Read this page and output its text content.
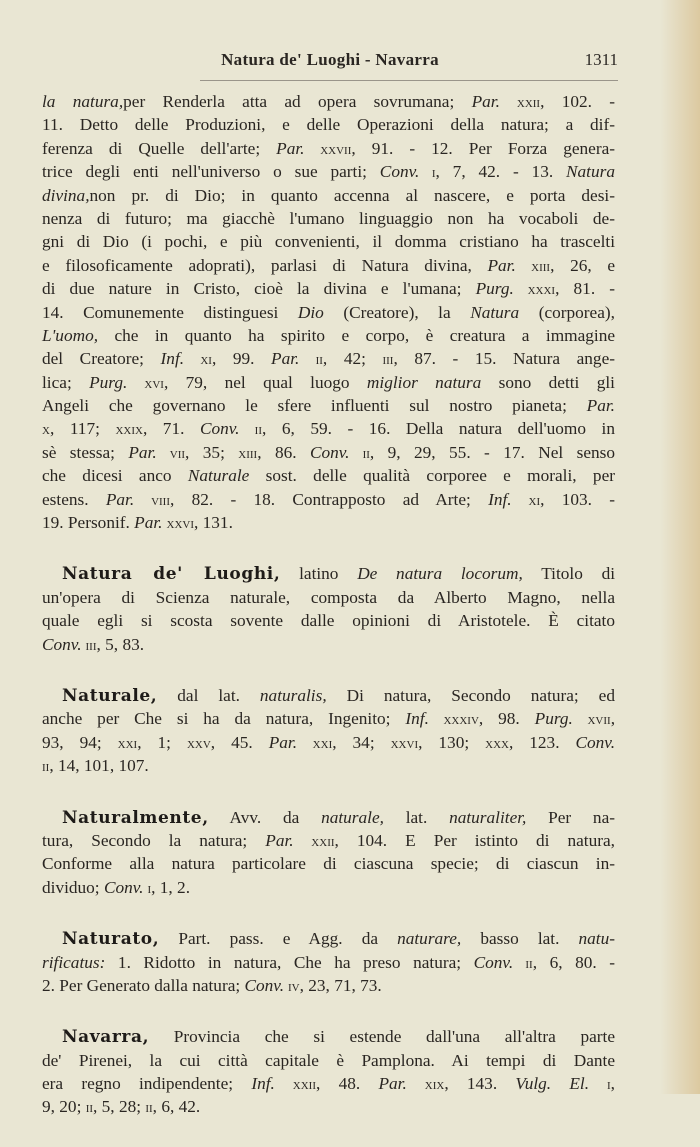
Natura de' Luoghi - Navarra	1311
la natura,per Renderla atta ad opera sovrumana; Par. xxii, 102. -
11. Detto delle Produzioni, e delle Operazioni della natura; a dif-
ferenza di Quelle dell'arte; Par. xxvii, 91. - 12. Per Forza genera-
trice degli enti nell'universo o sue parti; Conv. i, 7, 42. - 13. Natura
divina,non pr. di Dio; in quanto accenna al nascere, e porta desi-
nenza di futuro; ma giacchè l'umano linguaggio non ha vocaboli de-
gni di Dio (i pochi, e più convenienti, il domma cristiano ha trascelti
e filosoficamente adoprati), parlasi di Natura divina, Par. xiii, 26, e
di due nature in Cristo, cioè la divina e l'umana; Purg. xxxi, 81. -
14. Comunemente distinguesi Dio (Creatore), la Natura (corporea),
L'uomo, che in quanto ha spirito e corpo, è creatura a immagine
del Creatore; Inf. xi, 99. Par. ii, 42; iii, 87. - 15. Natura ange-
lica; Purg. xvi, 79, nel qual luogo miglior natura sono detti gli
Angeli che governano le sfere influenti sul nostro pianeta; Par.
x, 117; xxix, 71. Conv. ii, 6, 59. - 16. Della natura dell'uomo in
sè stessa; Par. vii, 35; xiii, 86. Conv. ii, 9, 29, 55. - 17. Nel senso
che dicesi anco Naturale sost. delle qualità corporee e morali, per
estens. Par. viii, 82. - 18. Contrapposto ad Arte; Inf. xi, 103. -
19. Personif. Par. xxvi, 131.
Natura de' Luoghi, latino De natura locorum, Titolo di
un'opera di Scienza naturale, composta da Alberto Magno, nella
quale egli si scosta sovente dalle opinioni di Aristotele. È citato
Conv. iii, 5, 83.
Naturale, dal lat. naturalis, Di natura, Secondo natura; ed
anche per Che si ha da natura, Ingenito; Inf. xxxiv, 98. Purg. xvii,
93, 94; xxi, 1; xxv, 45. Par. xxi, 34; xxvi, 130; xxx, 123. Conv.
ii, 14, 101, 107.
Naturalmente, Avv. da naturale, lat. naturaliter, Per na-
tura, Secondo la natura; Par. xxii, 104. E Per istinto di natura,
Conforme alla natura particolare di ciascuna specie; di ciascun in-
dividuo; Conv. i, 1, 2.
Naturato, Part. pass. e Agg. da naturare, basso lat. natu-
rificatus: 1. Ridotto in natura, Che ha preso natura; Conv. ii, 6, 80. -
2. Per Generato dalla natura; Conv. iv, 23, 71, 73.
Navarra, Provincia che si estende dall'una all'altra parte
de' Pirenei, la cui città capitale è Pamplona. Ai tempi di Dante
era regno indipendente; Inf. xxii, 48. Par. xix, 143. Vulg. El. i,
9, 20; ii, 5, 28; ii, 6, 42.
